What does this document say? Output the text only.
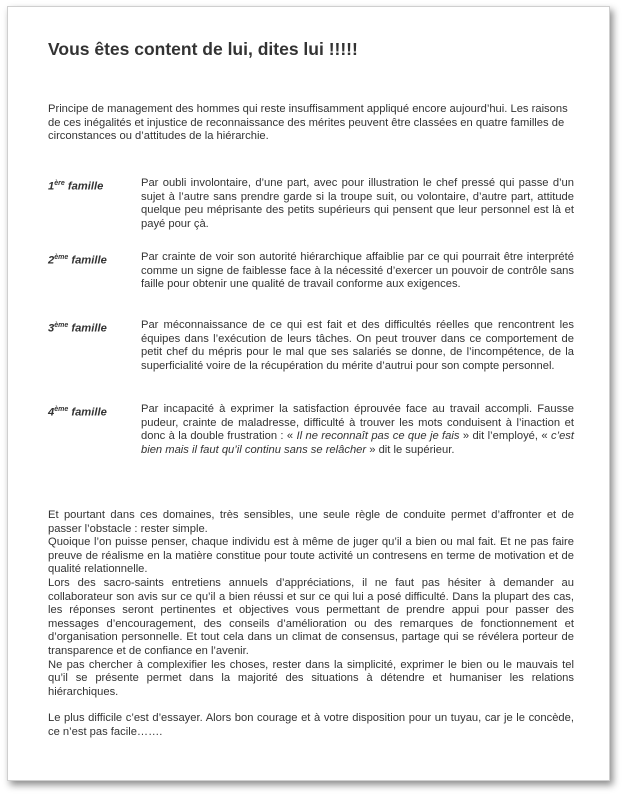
Vous êtes content de lui, dites lui !!!!!

Principe de management des hommes qui reste insuffisamment appliqué encore aujourd’hui. Les raisons de ces inégalités et injustice de reconnaissance des mérites peuvent être classées en quatre familles de circonstances ou d’attitudes de la hiérarchie.

1ère famille	Par oubli involontaire, d’une part, avec pour illustration le chef pressé qui passe d’un sujet à l’autre sans prendre garde si la troupe suit, ou volontaire, d’autre part, attitude quelque peu méprisante des petits supérieurs qui pensent que leur personnel est là et payé pour çà.
2ème famille	Par crainte de voir son autorité hiérarchique affaiblie par ce qui pourrait être interprété comme un signe de faiblesse face à la nécessité d’exercer un pouvoir de contrôle sans faille pour obtenir une qualité de travail conforme aux exigences.
3ème famille	Par méconnaissance de ce qui est fait et des difficultés réelles que rencontrent les équipes dans l’exécution de leurs tâches. On peut trouver dans ce comportement de petit chef du mépris pour le mal que ses salariés se donne, de l’incompétence, de la superficialité voire de la récupération du mérite d’autrui pour son compte personnel.
4ème famille	Par incapacité à exprimer la satisfaction éprouvée face au travail accompli. Fausse pudeur, crainte de maladresse, difficulté à trouver les mots conduisent à l’inaction et donc à la double frustration : « Il ne reconnaît pas ce que je fais » dit l’employé, « c’est bien mais il faut qu’il continu sans se relâcher » dit le supérieur.

Et pourtant dans ces domaines, très sensibles, une seule règle de conduite permet d’affronter et de passer l’obstacle : rester simple.

Quoique l’on puisse penser, chaque individu est à même de juger qu’il a bien ou mal fait. Et ne pas faire preuve de réalisme en la matière constitue pour toute activité un contresens en terme de motivation et de qualité relationnelle.

Lors des sacro-saints entretiens annuels d’appréciations, il ne faut pas hésiter à demander au collaborateur son avis sur ce qu’il a bien réussi et sur ce qui lui a posé difficulté. Dans la plupart des cas, les réponses seront pertinentes et objectives vous permettant de prendre appui pour passer des messages d’encouragement, des conseils d’amélioration ou des remarques de fonctionnement et d’organisation personnelle. Et tout cela dans un climat de consensus, partage qui se révélera porteur de transparence et de confiance en l’avenir.

Ne pas chercher à complexifier les choses, rester dans la simplicité, exprimer le bien ou le mauvais tel qu’il se présente permet dans la majorité des situations à détendre et humaniser les relations hiérarchiques.

Le plus difficile c’est d’essayer. Alors bon courage et à votre disposition pour un tuyau, car je le concède, ce n’est pas facile…….
